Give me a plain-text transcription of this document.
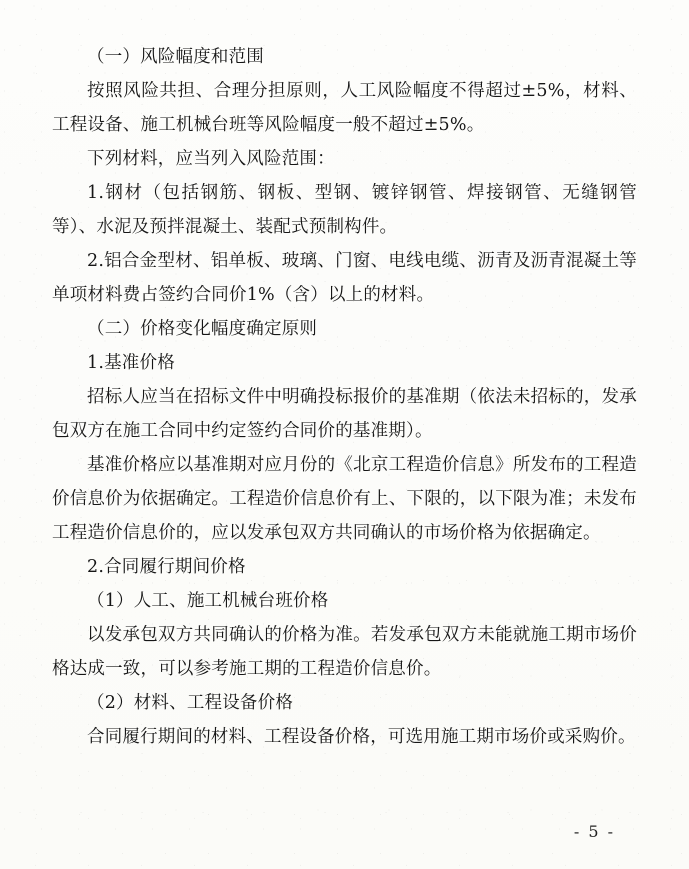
（一）风险幅度和范围

按照风险共担、合理分担原则，人工风险幅度不得超过±5%，材料、工程设备、施工机械台班等风险幅度一般不超过±5%。

下列材料，应当列入风险范围：

1.钢材（包括钢筋、钢板、型钢、镀锌钢管、焊接钢管、无缝钢管等）、水泥及预拌混凝土、装配式预制构件。

2.铝合金型材、铝单板、玻璃、门窗、电线电缆、沥青及沥青混凝土等单项材料费占签约合同价1%（含）以上的材料。

（二）价格变化幅度确定原则

1.基准价格

招标人应当在招标文件中明确投标报价的基准期（依法未招标的，发承包双方在施工合同中约定签约合同价的基准期）。

基准价格应以基准期对应月份的《北京工程造价信息》所发布的工程造价信息价为依据确定。工程造价信息价有上、下限的，以下限为准；未发布工程造价信息价的，应以发承包双方共同确认的市场价格为依据确定。

2.合同履行期间价格

（1）人工、施工机械台班价格

以发承包双方共同确认的价格为准。若发承包双方未能就施工期市场价格达成一致，可以参考施工期的工程造价信息价。

（2）材料、工程设备价格

合同履行期间的材料、工程设备价格，可选用施工期市场价或采购价。

- 5 -
